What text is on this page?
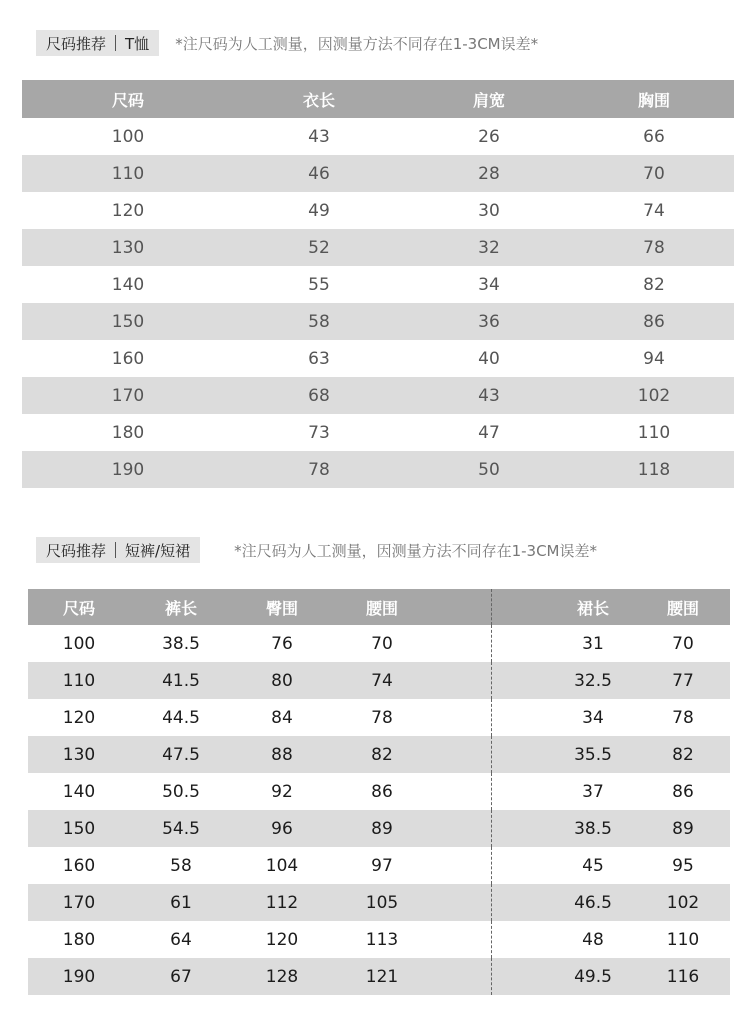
尺码推荐 T恤 *注尺码为人工测量，因测量方法不同存在1-3CM误差*
尺码	衣长	肩宽	胸围
100	43	26	66
110	46	28	70
120	49	30	74
130	52	32	78
140	55	34	82
150	58	36	86
160	63	40	94
170	68	43	102
180	73	47	110
190	78	50	118
尺码推荐 短裤/短裙	*注尺码为人工测量，因测量方法不同存在1-3CM误差*
尺码	裤长	臀围	腰围		裙长	腰围
100	38.5	76	70		31	70
110	41.5	80	74		32.5	77
120	44.5	84	78		34	78
130	47.5	88	82		35.5	82
140	50.5	92	86		37	86
150	54.5	96	89		38.5	89
160	58	104	97		45	95
170	61	112	105		46.5	102
180	64	120	113		48	110
190	67	128	121		49.5	116
